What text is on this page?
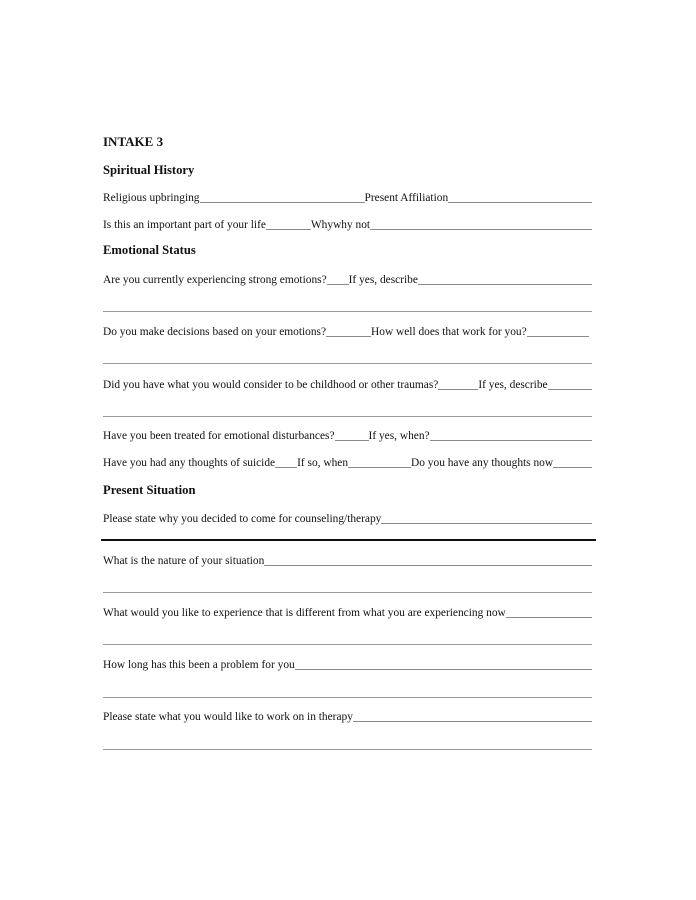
INTAKE 3
Spiritual History
Religious upbringing	Present Affiliation
Is this an important part of your life	Whywhy not
Emotional Status
Are you currently experiencing strong emotions? If yes, describe
Do you make decisions based on your emotions?	How well does that work for you?
Did you have what you would consider to be childhood or other traumas?	If yes, describe
Have you been treated for emotional disturbances?	If yes, when?
Have you had any thoughts of suicide If so, when	Do you have any thoughts now
Present Situation
Please state why you decided to come for counseling/therapy
What is the nature of your situation
What would you like to experience that is different from what you are experiencing now
How long has this been a problem for you
Please state what you would like to work on in therapy
